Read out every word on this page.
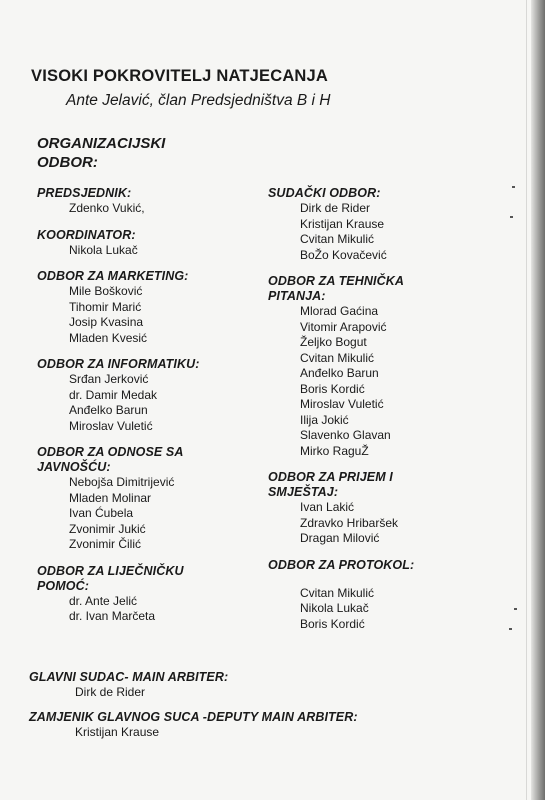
VISOKI POKROVITELJ NATJECANJA
Ante Jelavić, član Predsjedništva B i H
ORGANIZACIJSKI ODBOR:
PREDSJEDNIK:
Zdenko Vukić,
KOORDINATOR:
Nikola Lukač
ODBOR ZA MARKETING:
Mile Bošković
Tihomir Marić
Josip Kvasina
Mladen Kvesić
ODBOR ZA INFORMATIKU:
Srđan Jerković
dr. Damir Medak
Anđelko Barun
Miroslav Vuletić
ODBOR ZA ODNOSE SA JAVNOŠĆU:
Nebojša Dimitrijević
Mladen Molinar
Ivan Ćubela
Zvonimir Jukić
Zvonimir Čilić
ODBOR ZA LIJEČNIČKU POMOĆ:
dr. Ante Jelić
dr. Ivan Marčeta
SUDAČKI ODBOR:
Dirk de Rider
Kristijan Krause
Cvitan Mikulić
BoŽo Kovačević
ODBOR ZA TEHNIČKA PITANJA:
Mlorad Gaćina
Vitomir Arapović
Željko Bogut
Cvitan Mikulić
Anđelko Barun
Boris Kordić
Miroslav Vuletić
Ilija Jokić
Slavenko Glavan
Mirko RaguŽ
ODBOR ZA PRIJEM I SMJEŠTAJ:
Ivan Lakić
Zdravko Hribaršek
Dragan Milović
ODBOR ZA PROTOKOL:
Cvitan Mikulić
Nikola Lukač
Boris Kordić
GLAVNI SUDAC- MAIN ARBITER:
Dirk de Rider
ZAMJENIK GLAVNOG SUCA -DEPUTY MAIN ARBITER:
Kristijan Krause
